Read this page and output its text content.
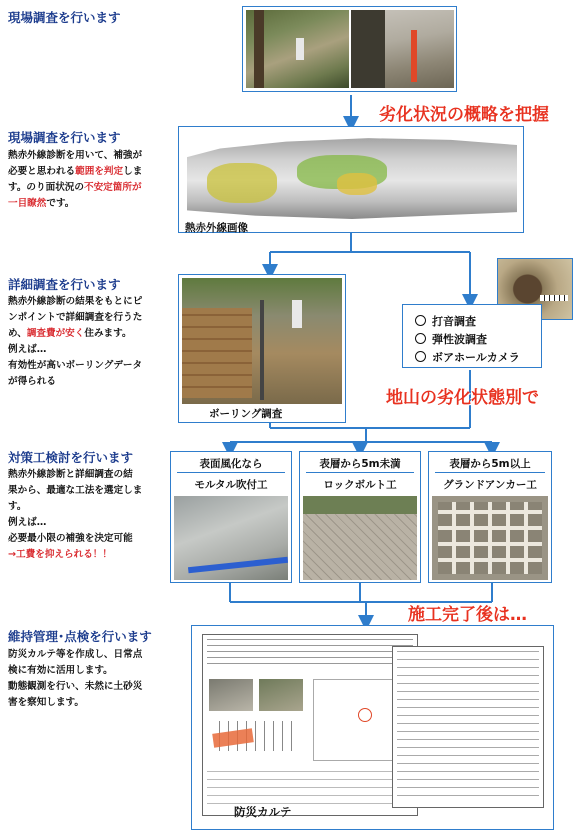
現場調査を行います
劣化状況の概略を把握
現場調査を行います
熱赤外線診断を用いて、補強が
必要と思われる範囲を判定しま
す。のり面状況の不安定箇所が
一目瞭然です。
熱赤外線画像
詳細調査を行います
熱赤外線診断の結果をもとにピ
ンポイントで詳細調査を行うた
め、調査費が安く住みます。
例えば…
有効性が高いボーリングデータ
が得られる
ボーリング調査
打音調査
弾性波調査
ボアホールカメラ
地山の劣化状態別で
対策工検討を行います
熱赤外線診断と詳細調査の結
果から、最適な工法を選定しま
す。
例えば…
必要最小限の補強を決定可能
→工費を抑えられる！！
表面風化なら
モルタル吹付工
表層から5m未満
ロックボルト工
表層から5m以上
グランドアンカー工
施工完了後は…
維持管理･点検を行います
防災カルテ等を作成し、日常点
検に有効に活用します。
動態観測を行い、未然に土砂災
害を察知します。
防災カルテ
